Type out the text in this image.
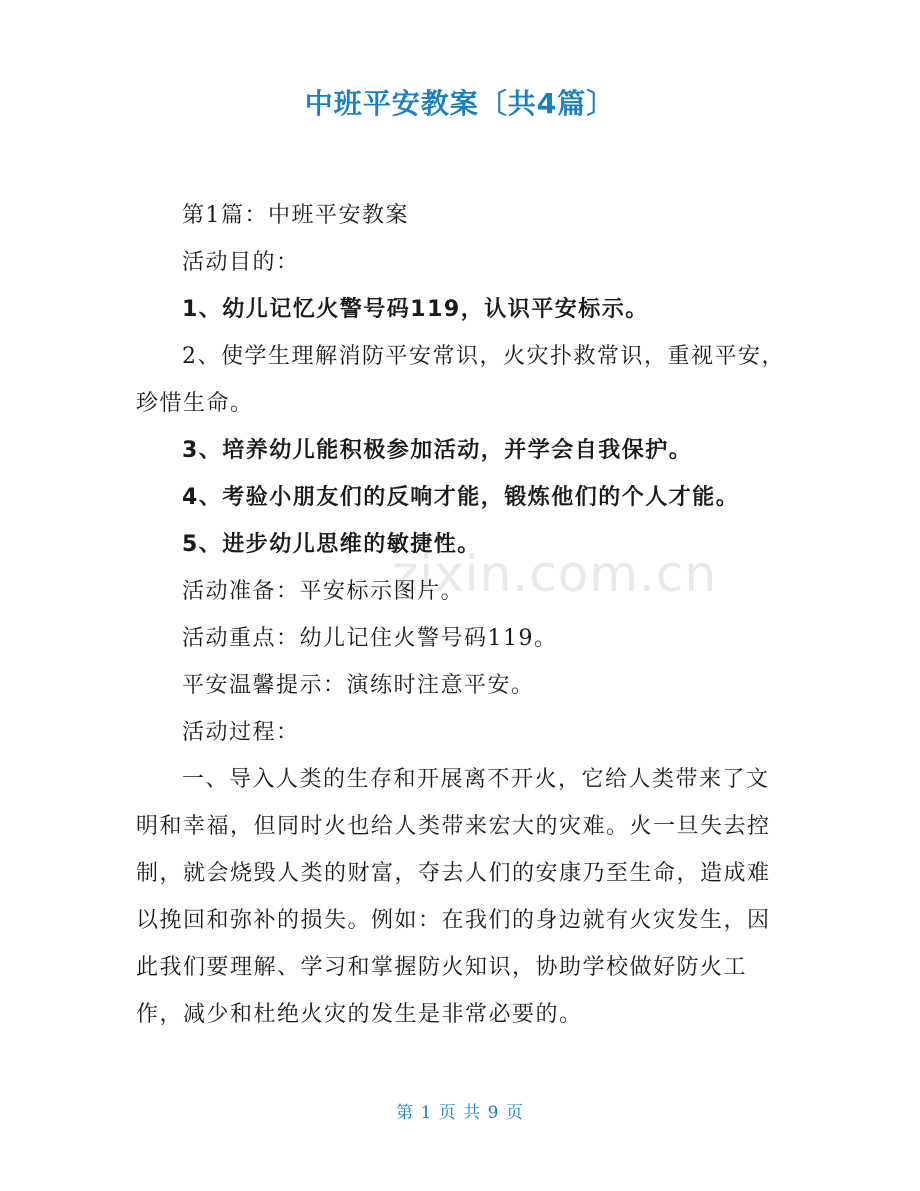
中班平安教案〔共4篇〕
zixin.com.cn

第1篇：中班平安教案

活动目的：

1、幼儿记忆火警号码119，认识平安标示。

2、使学生理解消防平安常识，火灾扑救常识，重视平安，珍惜生命。

3、培养幼儿能积极参加活动，并学会自我保护。

4、考验小朋友们的反响才能，锻炼他们的个人才能。

5、进步幼儿思维的敏捷性。

活动准备：平安标示图片。

活动重点：幼儿记住火警号码119。

平安温馨提示：演练时注意平安。

活动过程：

一、导入人类的生存和开展离不开火，它给人类带来了文明和幸福，但同时火也给人类带来宏大的灾难。火一旦失去控制，就会烧毁人类的财富，夺去人们的安康乃至生命，造成难以挽回和弥补的损失。例如：在我们的身边就有火灾发生，因此我们要理解、学习和掌握防火知识，协助学校做好防火工作，减少和杜绝火灾的发生是非常必要的。

第 1 页 共 9 页
